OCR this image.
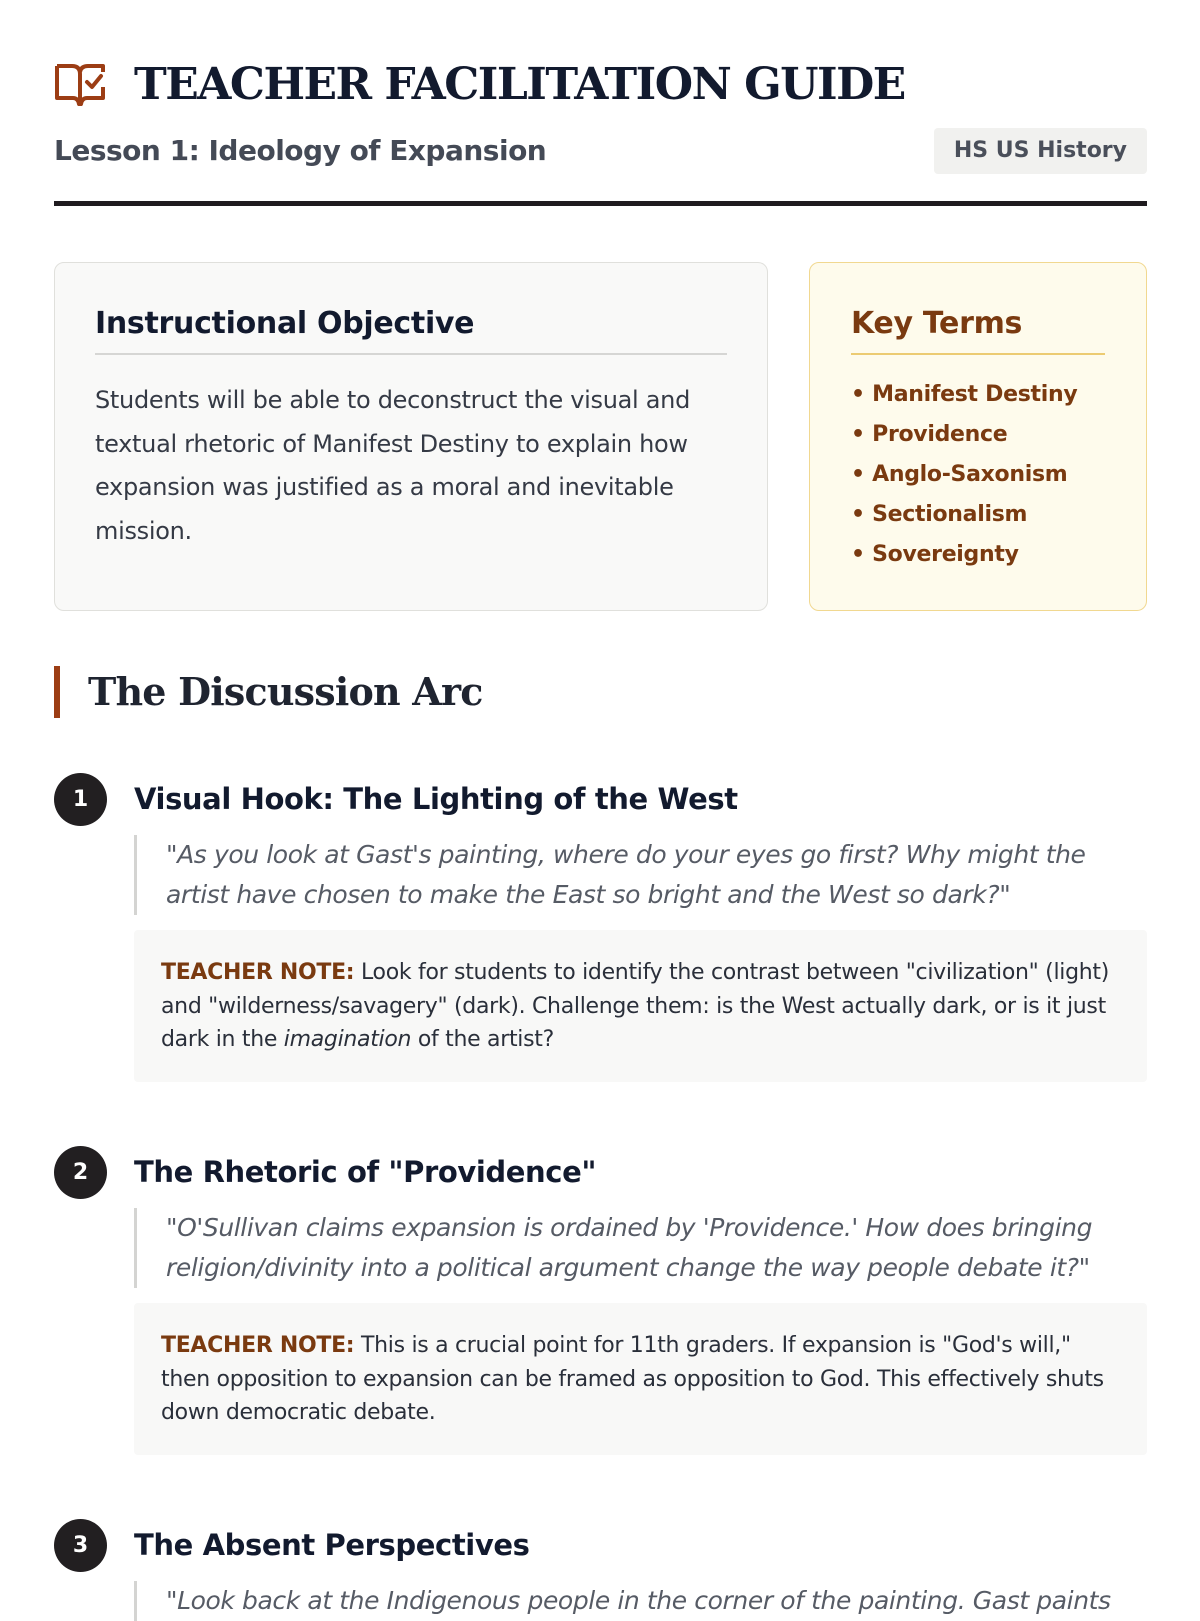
TEACHER FACILITATION GUIDE
Lesson 1: Ideology of Expansion	HS US History
Instructional Objective

Students will be able to deconstruct the visual and textual rhetoric of Manifest Destiny to explain how expansion was justified as a moral and inevitable mission.

Key Terms
• Manifest Destiny
• Providence
• Anglo-Saxonism
• Sectionalism
• Sovereignty
The Discussion Arc
1	Visual Hook: The Lighting of the West
"As you look at Gast's painting, where do your eyes go first? Why might the artist have chosen to make the East so bright and the West so dark?"
TEACHER NOTE: Look for students to identify the contrast between "civilization" (light) and "wilderness/savagery" (dark). Challenge them: is the West actually dark, or is it just dark in the imagination of the artist?
2	The Rhetoric of "Providence"
"O'Sullivan claims expansion is ordained by 'Providence.' How does bringing religion/divinity into a political argument change the way people debate it?"
TEACHER NOTE: This is a crucial point for 11th graders. If expansion is "God's will," then opposition to expansion can be framed as opposition to God. This effectively shuts down democratic debate.
3	The Absent Perspectives
"Look back at the Indigenous people in the corner of the painting. Gast paints
